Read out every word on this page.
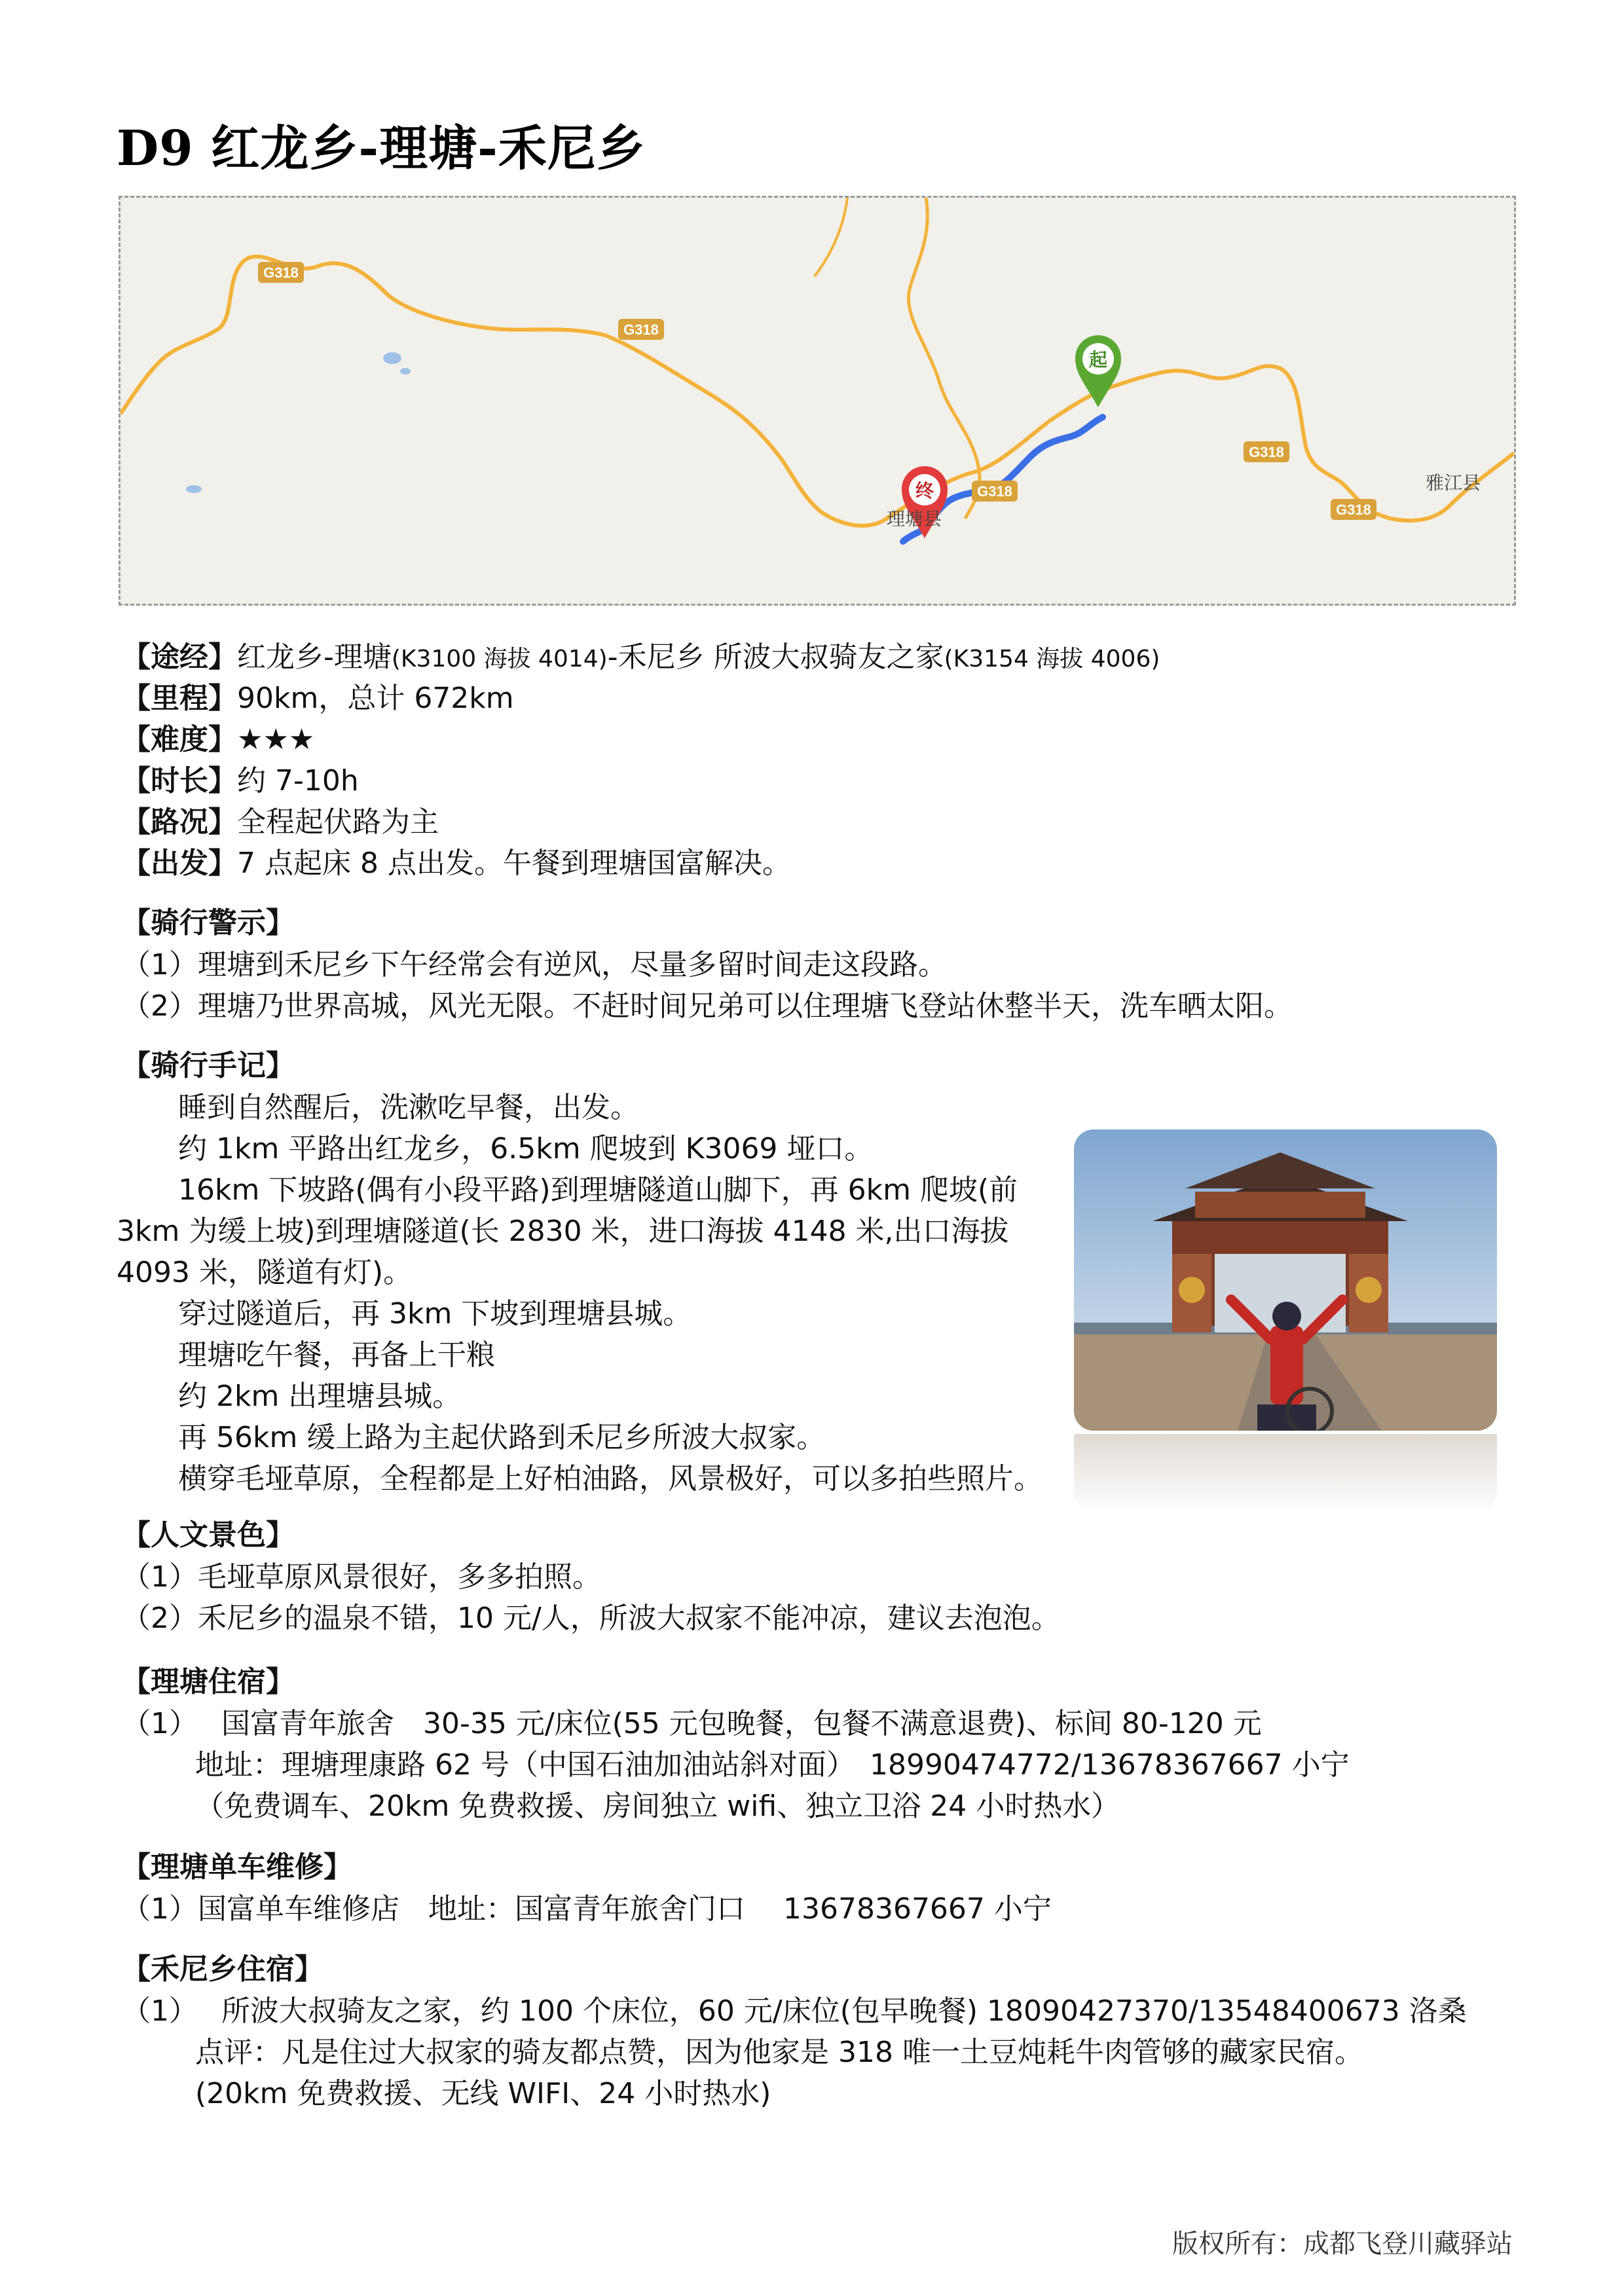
D9 红龙乡-理塘-禾尼乡
G318
G318
G318
G318
G318
起
终
理塘县
雅江县
【途经】红龙乡-理塘(K3100 海拔 4014)-禾尼乡 所波大叔骑友之家(K3154 海拔 4006)
【里程】90km，总计 672km
【难度】★★★
【时长】约 7-10h
【路况】全程起伏路为主
【出发】7 点起床 8 点出发。午餐到理塘国富解决。
【骑行警示】
（1）理塘到禾尼乡下午经常会有逆风，尽量多留时间走这段路。
（2）理塘乃世界高城，风光无限。不赶时间兄弟可以住理塘飞登站休整半天，洗车晒太阳。
【骑行手记】
睡到自然醒后，洗漱吃早餐，出发。
约 1km 平路出红龙乡，6.5km 爬坡到 K3069 垭口。
16km 下坡路(偶有小段平路)到理塘隧道山脚下，再 6km 爬坡(前
3km 为缓上坡)到理塘隧道(长 2830 米，进口海拔 4148 米,出口海拔
4093 米，隧道有灯)。
穿过隧道后，再 3km 下坡到理塘县城。
理塘吃午餐，再备上干粮
约 2km 出理塘县城。
再 56km 缓上路为主起伏路到禾尼乡所波大叔家。
横穿毛垭草原，全程都是上好柏油路，风景极好，可以多拍些照片。
【人文景色】
（1）毛垭草原风景很好，多多拍照。
（2）禾尼乡的温泉不错，10 元/人，所波大叔家不能冲凉，建议去泡泡。
【理塘住宿】
（1）　 国富青年旅舍　30-35 元/床位(55 元包晚餐，包餐不满意退费)、标间 80-120 元
地址：理塘理康路 62 号（中国石油加油站斜对面）　18990474772/13678367667 小宁
（免费调车、20km 免费救援、房间独立 wifi、独立卫浴 24 小时热水）
【理塘单车维修】
（1）国富单车维修店　地址：国富青年旅舍门口　 13678367667 小宁
【禾尼乡住宿】
（1）　 所波大叔骑友之家，约 100 个床位，60 元/床位(包早晚餐) 18090427370/13548400673 洛桑
点评：凡是住过大叔家的骑友都点赞，因为他家是 318 唯一土豆炖耗牛肉管够的藏家民宿。
(20km 免费救援、无线 WIFI、24 小时热水)
版权所有：成都飞登川藏驿站
